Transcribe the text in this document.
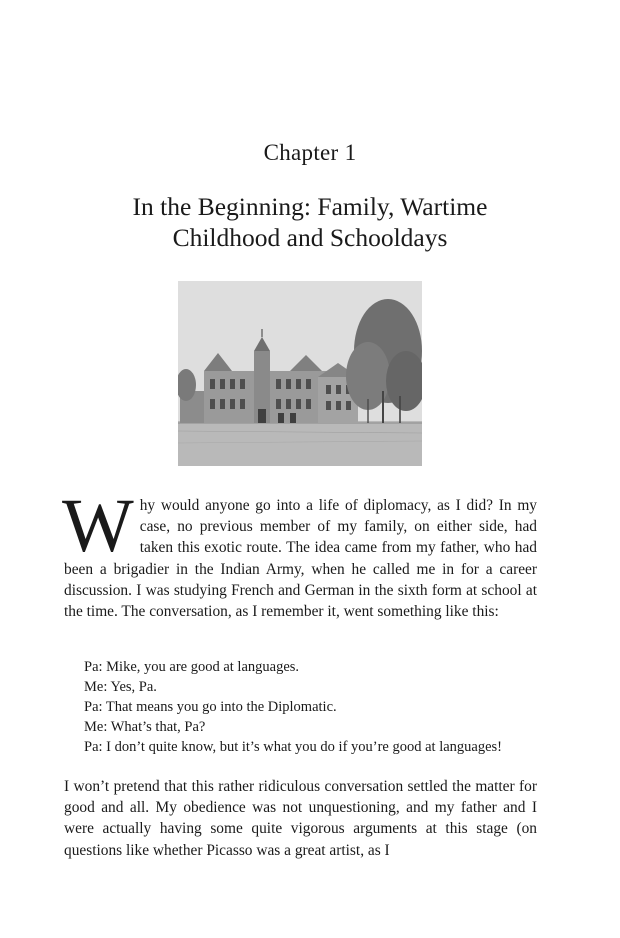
Chapter 1
In the Beginning: Family, Wartime
Childhood and Schooldays
Why would anyone go into a life of diplomacy, as I did? In my case, no previous member of my family, on either side, had taken this exotic route. The idea came from my father, who had been a brigadier in the Indian Army, when he called me in for a career discussion. I was studying French and German in the sixth form at school at the time. The conversation, as I remember it, went something like this:
Pa: Mike, you are good at languages.
Me: Yes, Pa.
Pa: That means you go into the Diplomatic.
Me: What’s that, Pa?
Pa: I don’t quite know, but it’s what you do if you’re good at languages!
I won’t pretend that this rather ridiculous conversation settled the matter for good and all. My obedience was not unquestioning, and my father and I were actually having some quite vigorous arguments at this stage (on questions like whether Picasso was a great artist, as I
